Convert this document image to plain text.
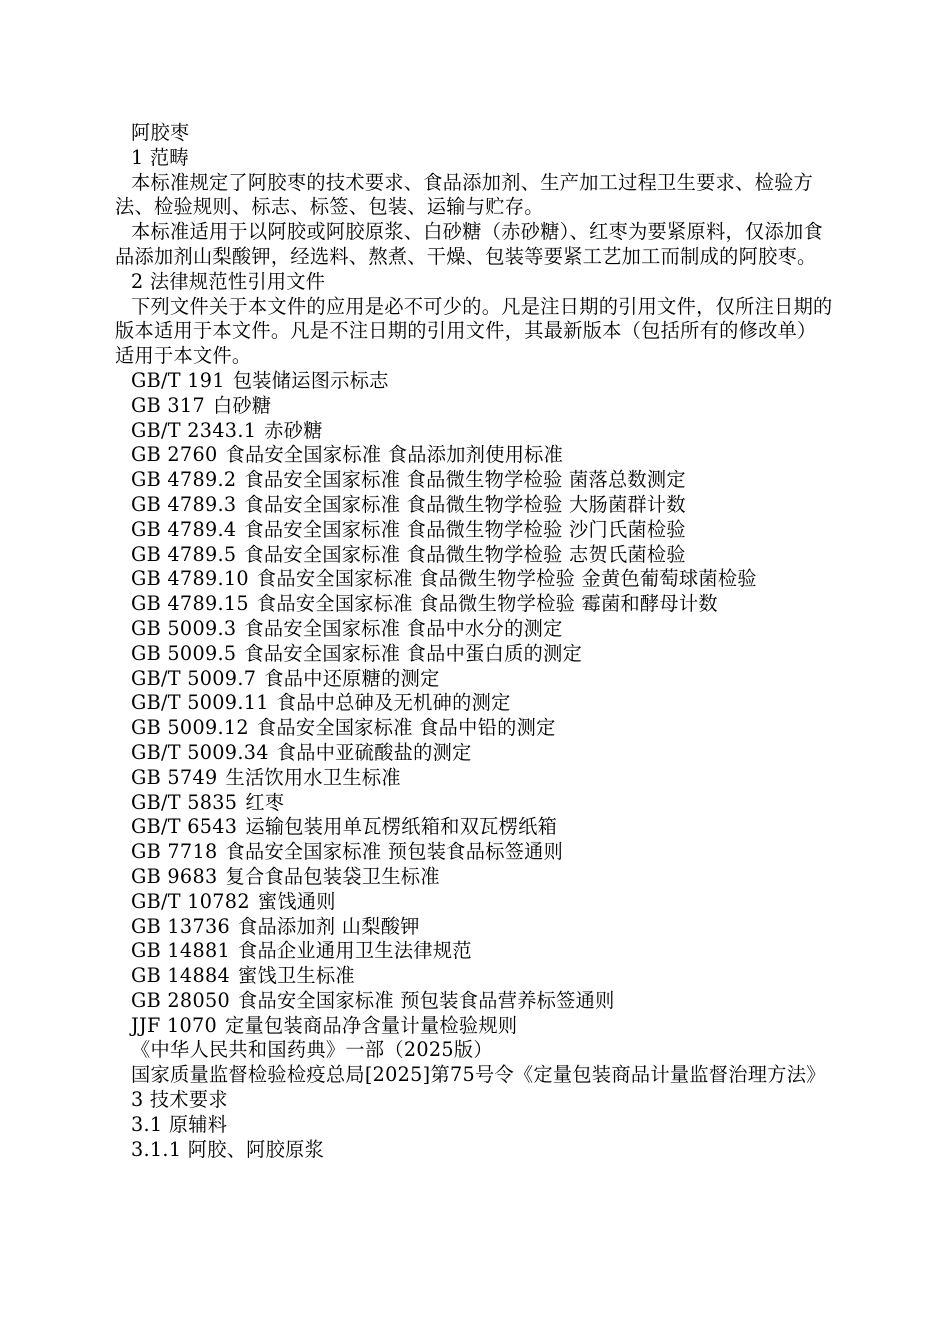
阿胶枣
1 范畴
本标准规定了阿胶枣的技术要求、食品添加剂、生产加工过程卫生要求、检验方法、检验规则、标志、标签、包装、运输与贮存。
本标准适用于以阿胶或阿胶原浆、白砂糖（赤砂糖）、红枣为要紧原料，仅添加食品添加剂山梨酸钾，经选料、熬煮、干燥、包装等要紧工艺加工而制成的阿胶枣。
2 法律规范性引用文件
下列文件关于本文件的应用是必不可少的。凡是注日期的引用文件，仅所注日期的版本适用于本文件。凡是不注日期的引用文件，其最新版本（包括所有的修改单）适用于本文件。
GB/T 191 包装储运图示标志
GB 317 白砂糖
GB/T 2343.1 赤砂糖
GB 2760 食品安全国家标准 食品添加剂使用标准
GB 4789.2 食品安全国家标准 食品微生物学检验 菌落总数测定
GB 4789.3 食品安全国家标准 食品微生物学检验 大肠菌群计数
GB 4789.4 食品安全国家标准 食品微生物学检验 沙门氏菌检验
GB 4789.5 食品安全国家标准 食品微生物学检验 志贺氏菌检验
GB 4789.10 食品安全国家标准 食品微生物学检验 金黄色葡萄球菌检验
GB 4789.15 食品安全国家标准 食品微生物学检验 霉菌和酵母计数
GB 5009.3 食品安全国家标准 食品中水分的测定
GB 5009.5 食品安全国家标准 食品中蛋白质的测定
GB/T 5009.7 食品中还原糖的测定
GB/T 5009.11 食品中总砷及无机砷的测定
GB 5009.12 食品安全国家标准 食品中铅的测定
GB/T 5009.34 食品中亚硫酸盐的测定
GB 5749 生活饮用水卫生标准
GB/T 5835 红枣
GB/T 6543 运输包装用单瓦楞纸箱和双瓦楞纸箱
GB 7718 食品安全国家标准 预包装食品标签通则
GB 9683 复合食品包装袋卫生标准
GB/T 10782 蜜饯通则
GB 13736 食品添加剂 山梨酸钾
GB 14881 食品企业通用卫生法律规范
GB 14884 蜜饯卫生标准
GB 28050 食品安全国家标准 预包装食品营养标签通则
JJF 1070 定量包装商品净含量计量检验规则
《中华人民共和国药典》一部（2025版）
国家质量监督检验检疫总局[2025]第75号令《定量包装商品计量监督治理方法》
3 技术要求
3.1 原辅料
3.1.1 阿胶、阿胶原浆
